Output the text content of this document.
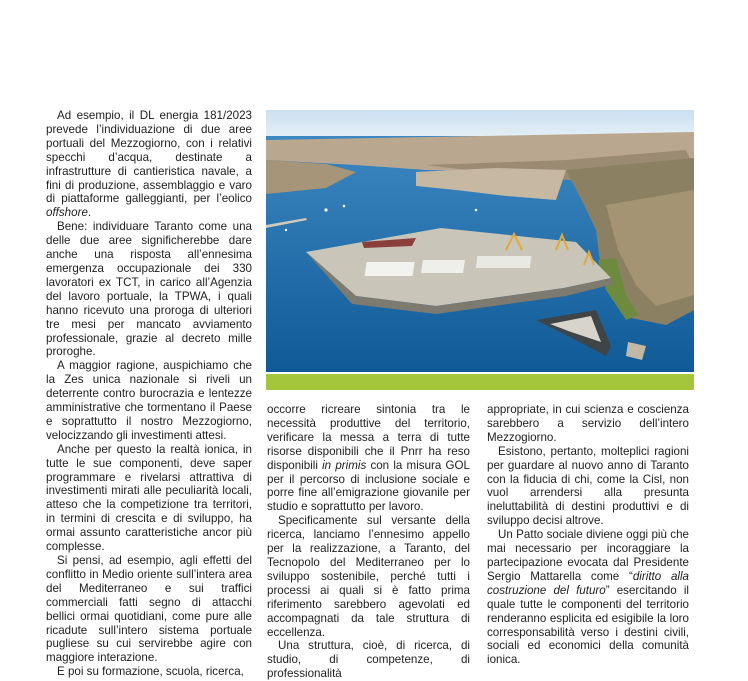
Ad esempio, il DL energia 181/2023 prevede l’individuazione di due aree portuali del Mezzogiorno, con i relativi specchi d’acqua, destinate a infrastrutture di cantieristica navale, a fini di produzione, assemblaggio e varo di piattaforme galleggianti, per l’eolico offshore.

Bene: individuare Taranto come una delle due aree significherebbe dare anche una risposta all’ennesima emergenza occupazionale dei 330 lavoratori ex TCT, in carico all’Agenzia del lavoro portuale, la TPWA, i quali hanno ricevuto una proroga di ulteriori tre mesi per mancato avviamento professionale, grazie al decreto mille proroghe.

A maggior ragione, auspichiamo che la Zes unica nazionale si riveli un deterrente contro burocrazia e lentezze amministrative che tormentano il Paese e soprattutto il nostro Mezzogiorno, velocizzando gli investimenti attesi.

Anche per questo la realtà ionica, in tutte le sue componenti, deve saper programmare e rivelarsi attrattiva di investimenti mirati alle peculiarità locali, atteso che la competizione tra territori, in termini di crescita e di sviluppo, ha ormai assunto caratteristiche ancor più complesse.

Si pensi, ad esempio, agli effetti del conflitto in Medio oriente sull’intera area del Mediterraneo e sui traffici commerciali fatti segno di attacchi bellici ormai quotidiani, come pure alle ricadute sull’intero sistema portuale pugliese su cui servirebbe agire con maggiore interazione.

E poi su formazione, scuola, ricerca,

occorre ricreare sintonia tra le necessità produttive del territorio, verificare la messa a terra di tutte risorse disponibili che il Pnrr ha reso disponibili in primis con la misura GOL per il percorso di inclusione sociale e porre fine all’emigrazione giovanile per studio e soprattutto per lavoro.

Specificamente sul versante della ricerca, lanciamo l’ennesimo appello per la realizzazione, a Taranto, del Tecnopolo del Mediterraneo per lo sviluppo sostenibile, perché tutti i processi ai quali si è fatto prima riferimento sarebbero agevolati ed accompagnati da tale struttura di eccellenza.

Una struttura, cioè, di ricerca, di studio, di competenze, di professionalità

appropriate, in cui scienza e coscienza sarebbero a servizio dell’intero Mezzogiorno.

Esistono, pertanto, molteplici ragioni per guardare al nuovo anno di Taranto con la fiducia di chi, come la Cisl, non vuol arrendersi alla presunta ineluttabilità di destini produttivi e di sviluppo decisi altrove.

Un Patto sociale diviene oggi più che mai necessario per incoraggiare la partecipazione evocata dal Presidente Sergio Mattarella come “diritto alla costruzione del futuro” esercitando il quale tutte le componenti del territorio renderanno esplicita ed esigibile la loro corresponsabilità verso i destini civili, sociali ed economici della comunità ionica.
